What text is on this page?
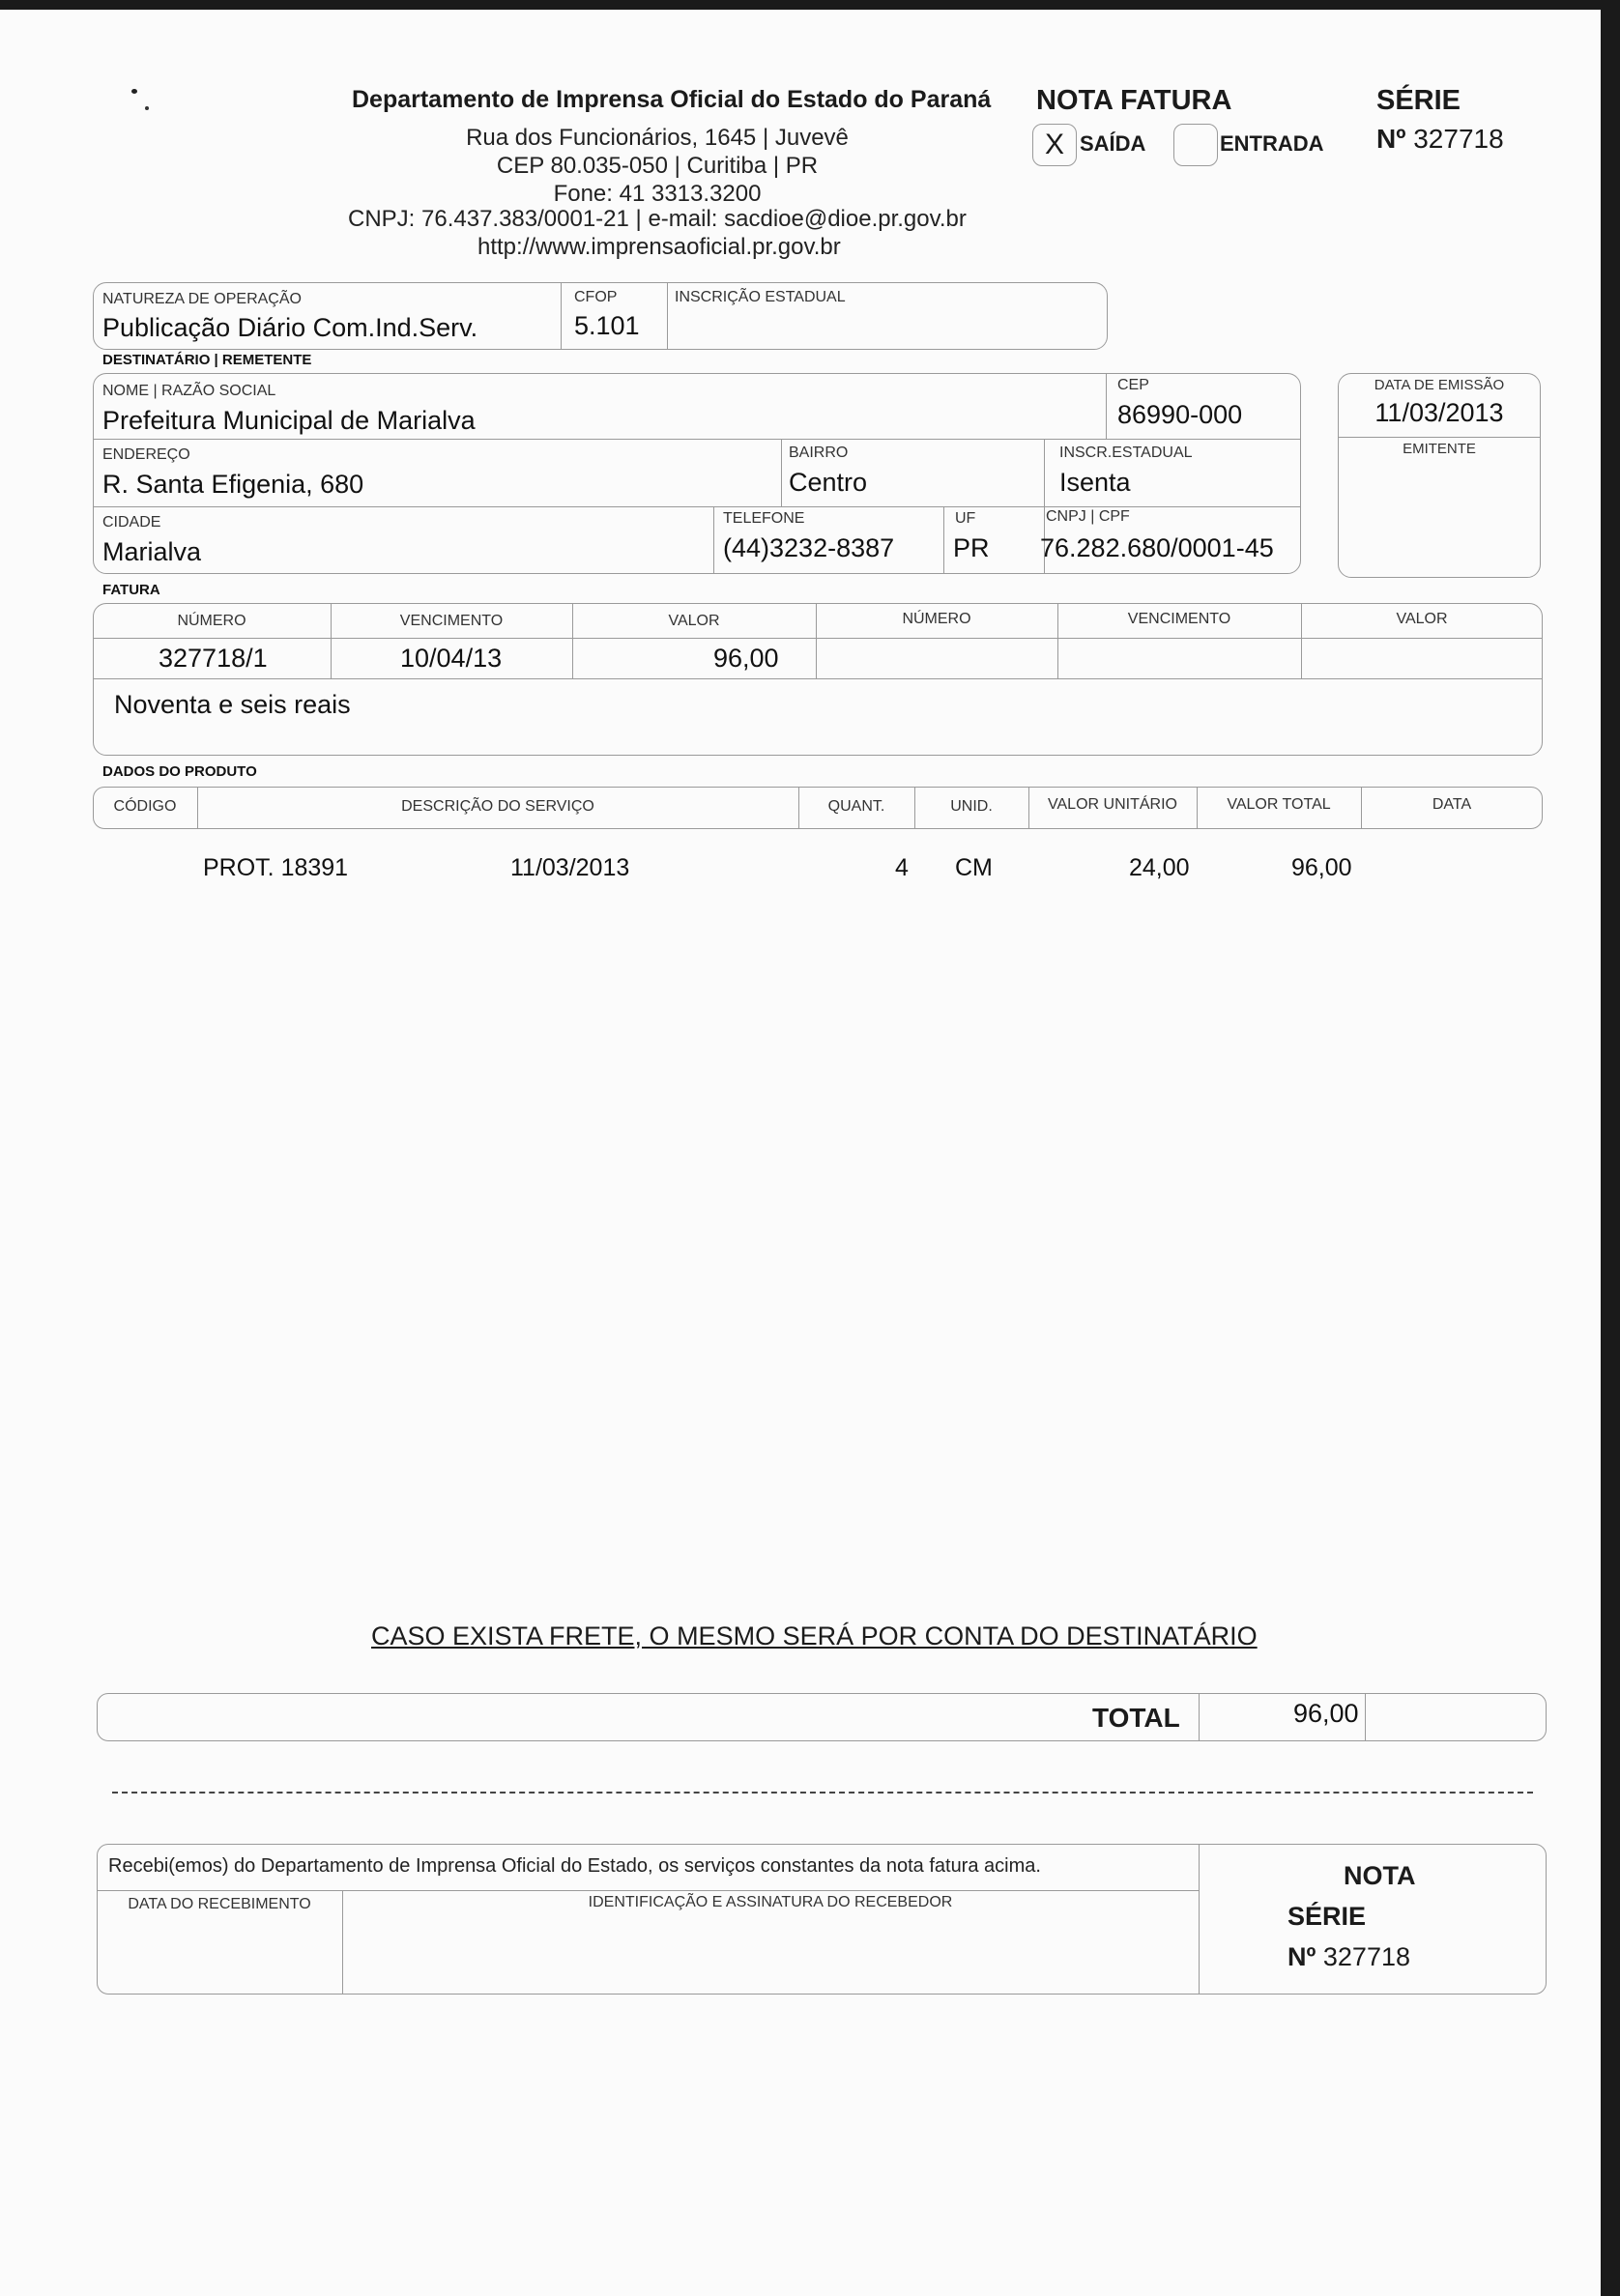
Departamento de Imprensa Oficial do Estado do Paraná
Rua dos Funcionários, 1645 | Juvevê
CEP 80.035-050 | Curitiba | PR
Fone: 41 3313.3200
CNPJ: 76.437.383/0001-21 | e-mail: sacdioe@dioe.pr.gov.br
http://www.imprensaoficial.pr.gov.br
NOTA FATURA
X SAÍDA	ENTRADA
SÉRIE
Nº 327718
NATUREZA DE OPERAÇÃO
Publicação Diário Com.Ind.Serv.
CFOP
5.101
INSCRIÇÃO ESTADUAL
DESTINATÁRIO | REMETENTE
NOME | RAZÃO SOCIAL
Prefeitura Municipal de Marialva
CEP
86990-000
ENDEREÇO
R. Santa Efigenia, 680
BAIRRO
Centro
INSCR.ESTADUAL
Isenta
CIDADE
Marialva
TELEFONE
(44)3232-8387
UF
PR
CNPJ | CPF
76.282.680/0001-45
DATA DE EMISSÃO
11/03/2013
EMITENTE
FATURA
NÚMERO	VENCIMENTO	VALOR	NÚMERO	VENCIMENTO	VALOR
327718/1	10/04/13	96,00
Noventa e seis reais
DADOS DO PRODUTO
CÓDIGO	DESCRIÇÃO DO SERVIÇO	QUANT.	UNID.	VALOR UNITÁRIO	VALOR TOTAL	DATA
PROT. 18391	11/03/2013	4 CM	24,00	96,00
CASO EXISTA FRETE, O MESMO SERÁ POR CONTA DO DESTINATÁRIO
TOTAL	96,00
Recebi(emos) do Departamento de Imprensa Oficial do Estado, os serviços constantes da nota fatura acima.
DATA DO RECEBIMENTO	IDENTIFICAÇÃO E ASSINATURA DO RECEBEDOR
NOTA
SÉRIE
Nº 327718
